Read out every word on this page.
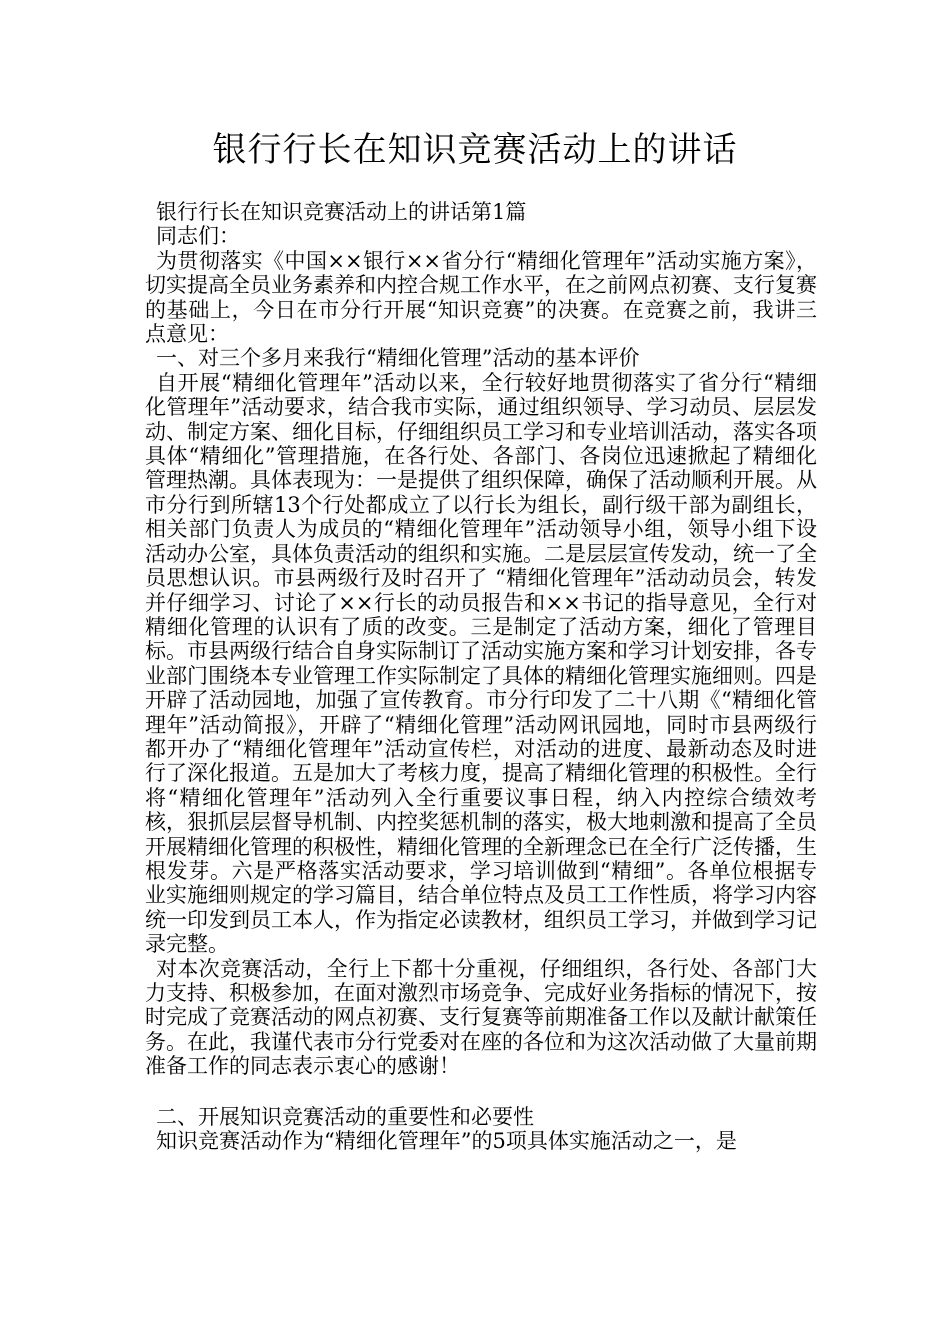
银行行长在知识竞赛活动上的讲话

银行行长在知识竞赛活动上的讲话第1篇

同志们：

为贯彻落实《中国××银行××省分行“精细化管理年”活动实施方案》，切实提高全员业务素养和内控合规工作水平，在之前网点初赛、支行复赛的基础上，今日在市分行开展“知识竞赛”的决赛。在竞赛之前，我讲三点意见：

一、对三个多月来我行“精细化管理”活动的基本评价

自开展“精细化管理年”活动以来，全行较好地贯彻落实了省分行“精细化管理年”活动要求，结合我市实际，通过组织领导、学习动员、层层发动、制定方案、细化目标，仔细组织员工学习和专业培训活动，落实各项具体“精细化”管理措施，在各行处、各部门、各岗位迅速掀起了精细化管理热潮。具体表现为：一是提供了组织保障，确保了活动顺利开展。从市分行到所辖13个行处都成立了以行长为组长，副行级干部为副组长，相关部门负责人为成员的“精细化管理年”活动领导小组，领导小组下设活动办公室，具体负责活动的组织和实施。二是层层宣传发动，统一了全员思想认识。市县两级行及时召开了 “精细化管理年”活动动员会，转发并仔细学习、讨论了××行长的动员报告和××书记的指导意见，全行对精细化管理的认识有了质的改变。三是制定了活动方案，细化了管理目标。市县两级行结合自身实际制订了活动实施方案和学习计划安排，各专业部门围绕本专业管理工作实际制定了具体的精细化管理实施细则。四是开辟了活动园地，加强了宣传教育。市分行印发了二十八期《“精细化管理年”活动简报》，开辟了“精细化管理”活动网讯园地，同时市县两级行都开办了“精细化管理年”活动宣传栏，对活动的进度、最新动态及时进行了深化报道。五是加大了考核力度，提高了精细化管理的积极性。全行将“精细化管理年”活动列入全行重要议事日程，纳入内控综合绩效考核，狠抓层层督导机制、内控奖惩机制的落实，极大地刺激和提高了全员开展精细化管理的积极性，精细化管理的全新理念已在全行广泛传播，生根发芽。六是严格落实活动要求，学习培训做到“精细”。各单位根据专业实施细则规定的学习篇目，结合单位特点及员工工作性质，将学习内容统一印发到员工本人，作为指定必读教材，组织员工学习，并做到学习记录完整。

对本次竞赛活动，全行上下都十分重视，仔细组织，各行处、各部门大力支持、积极参加，在面对激烈市场竞争、完成好业务指标的情况下，按时完成了竞赛活动的网点初赛、支行复赛等前期准备工作以及献计献策任务。在此，我谨代表市分行党委对在座的各位和为这次活动做了大量前期准备工作的同志表示衷心的感谢！

二、开展知识竞赛活动的重要性和必要性

知识竞赛活动作为“精细化管理年”的5项具体实施活动之一，是
